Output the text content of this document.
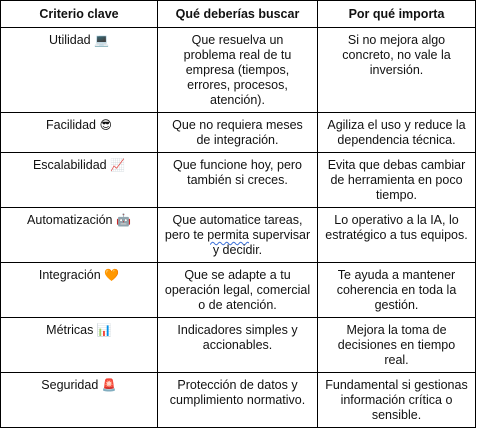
Criterio clave	Qué deberías buscar	Por qué importa
Utilidad 💻	Que resuelva un problema real de tu empresa (tiempos, errores, procesos, atención).	Si no mejora algo concreto, no vale la inversión.
Facilidad 😎	Que no requiera meses de integración.	Agiliza el uso y reduce la dependencia técnica.
Escalabilidad 📈	Que funcione hoy, pero también si creces.	Evita que debas cambiar de herramienta en poco tiempo.
Automatización 🤖	Que automatice tareas, pero te permita supervisar y decidir.	Lo operativo a la IA, lo estratégico a tus equipos.
Integración 🧡	Que se adapte a tu operación legal, comercial o de atención.	Te ayuda a mantener coherencia en toda la gestión.
Métricas 📊	Indicadores simples y accionables.	Mejora la toma de decisiones en tiempo real.
Seguridad 🚨	Protección de datos y cumplimiento normativo.	Fundamental si gestionas información crítica o sensible.
